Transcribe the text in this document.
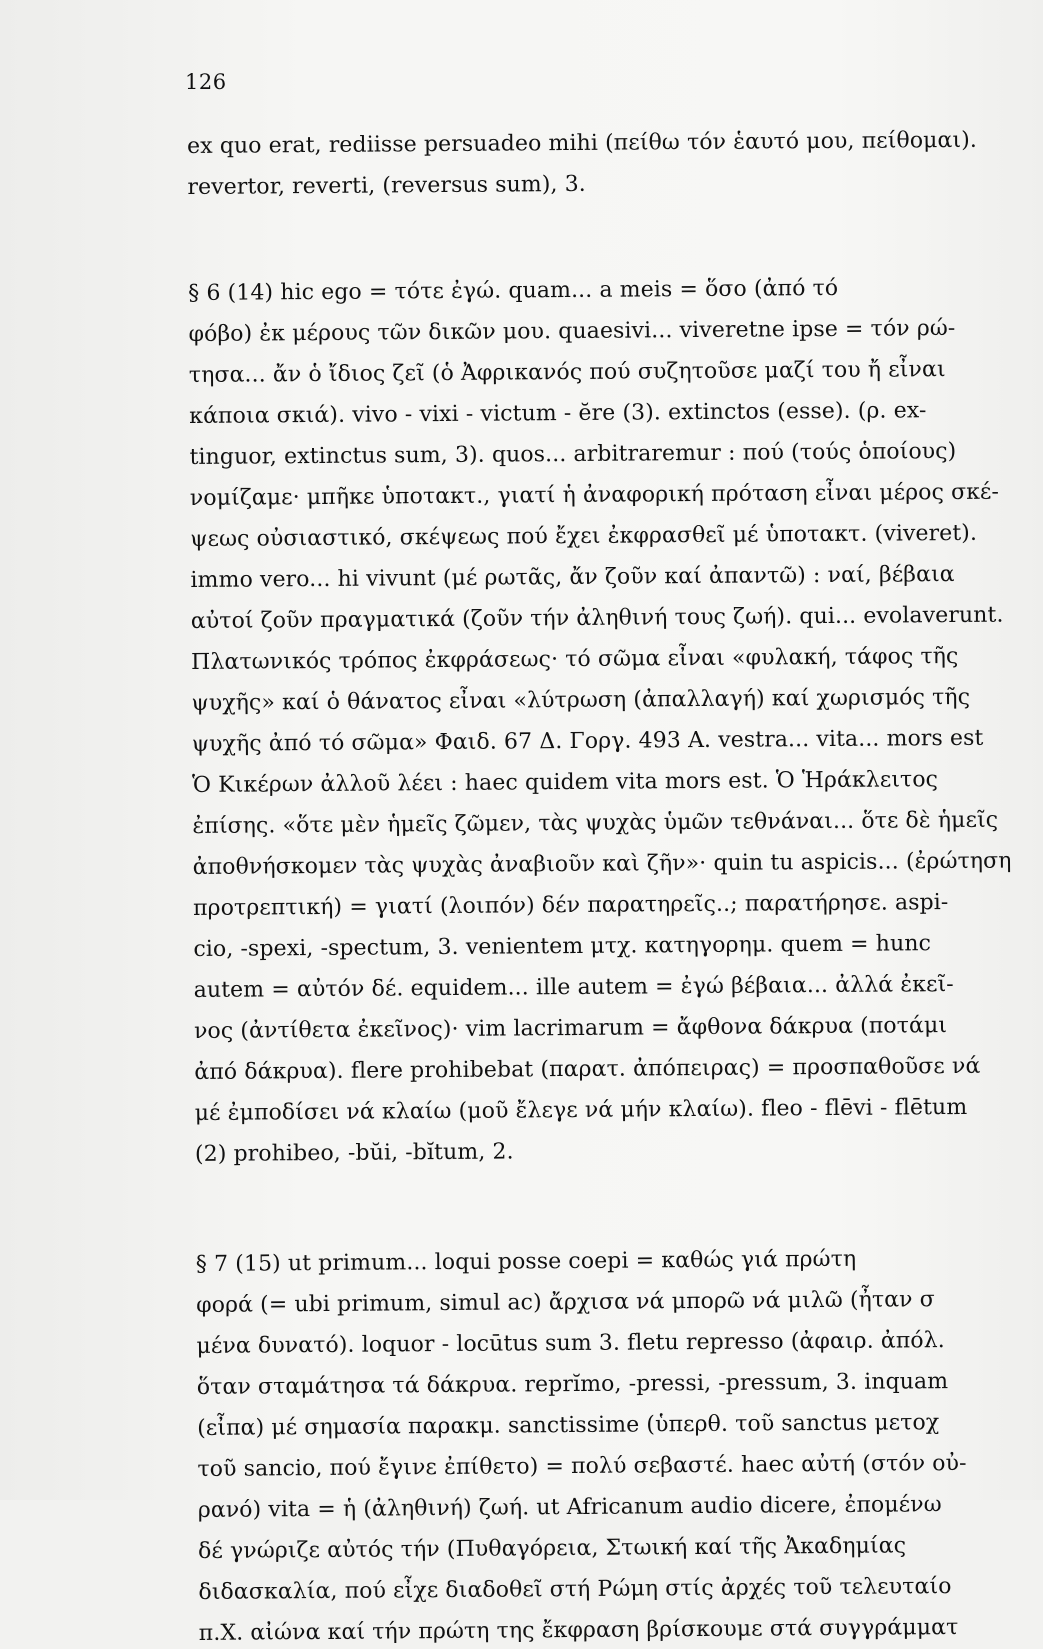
126
ex quo erat, rediisse persuadeo mihi (πείθω τόν ἑαυτό μου, πείθομαι).
revertor, reverti, (reversus sum), 3.
§ 6 (14) hic ego = τότε ἐγώ. quam... a meis = ὅσο (ἀπό τό
φόβο) ἐκ μέρους τῶν δικῶν μου. quaesivi... viveretne ipse = τόν ρώ-
τησα... ἄν ὁ ἴδιος ζεῖ (ὁ Ἀφρικανός πού συζητοῦσε μαζί του ἤ εἶναι
κάποια σκιά). vivo - vixi - victum - ĕre (3). extinctos (esse). (ρ. ex-
tinguor, extinctus sum, 3). quos... arbitraremur : πού (τούς ὁποίους)
νομίζαμε· μπῆκε ὑποτακτ., γιατί ἡ ἀναφορική πρόταση εἶναι μέρος σκέ-
ψεως οὐσιαστικό, σκέψεως πού ἔχει ἐκφρασθεῖ μέ ὑποτακτ. (viveret).
immo vero... hi vivunt (μέ ρωτᾶς, ἄν ζοῦν καί ἀπαντῶ) : ναί, βέβαια
αὐτοί ζοῦν πραγματικά (ζοῦν τήν ἀληθινή τους ζωή). qui... evolaverunt.
Πλατωνικός τρόπος ἐκφράσεως· τό σῶμα εἶναι «φυλακή, τάφος τῆς
ψυχῆς» καί ὁ θάνατος εἶναι «λύτρωση (ἀπαλλαγή) καί χωρισμός τῆς
ψυχῆς ἀπό τό σῶμα» Φαιδ. 67 Δ. Γοργ. 493 Α. vestra... vita... mors est
Ὁ Κικέρων ἀλλοῦ λέει : haec quidem vita mors est. Ὁ Ἡράκλειτος
ἐπίσης. «ὅτε μὲν ἡμεῖς ζῶμεν, τὰς ψυχὰς ὑμῶν τεθνάναι... ὅτε δὲ ἡμεῖς
ἀποθνήσκομεν τὰς ψυχὰς ἀναβιοῦν καὶ ζῆν»· quin tu aspicis... (ἐρώτηση
προτρεπτική) = γιατί (λοιπόν) δέν παρατηρεῖς..; παρατήρησε. aspi-
cio, -spexi, -spectum, 3. venientem μτχ. κατηγορημ. quem = hunc
autem = αὐτόν δέ. equidem... ille autem = ἐγώ βέβαια... ἀλλά ἐκεῖ-
νος (ἀντίθετα ἐκεῖνος)· vim lacrimarum = ἄφθονα δάκρυα (ποτάμι
ἀπό δάκρυα). flere prohibebat (παρατ. ἀπόπειρας) = προσπαθοῦσε νά
μέ ἐμποδίσει νά κλαίω (μοῦ ἔλεγε νά μήν κλαίω). fleo - flēvi - flētum
(2) prohibeo, -bŭi, -bĭtum, 2.
§ 7 (15) ut primum... loqui posse coepi = καθώς γιά πρώτη
φορά (= ubi primum, simul ac) ἄρχισα νά μπορῶ νά μιλῶ (ἦταν σ
μένα δυνατό). loquor - locūtus sum 3. fletu represso (ἀφαιρ. ἀπόλ.
ὅταν σταμάτησα τά δάκρυα. reprĭmo, -pressi, -pressum, 3. inquam
(εἶπα) μέ σημασία παρακμ. sanctissime (ὑπερθ. τοῦ sanctus μετοχ
τοῦ sancio, πού ἔγινε ἐπίθετο) = πολύ σεβαστέ. haec αὐτή (στόν οὐ-
ρανό) vita = ἡ (ἀληθινή) ζωή. ut Africanum audio dicere, ἐπομένω
δέ γνώριζε αὐτός τήν (Πυθαγόρεια, Στωική καί τῆς Ἀκαδημίας
διδασκαλία, πού εἶχε διαδοθεῖ στή Ρώμη στίς ἀρχές τοῦ τελευταίο
π.Χ. αἰώνα καί τήν πρώτη της ἔκφραση βρίσκουμε στά συγγράμματ
